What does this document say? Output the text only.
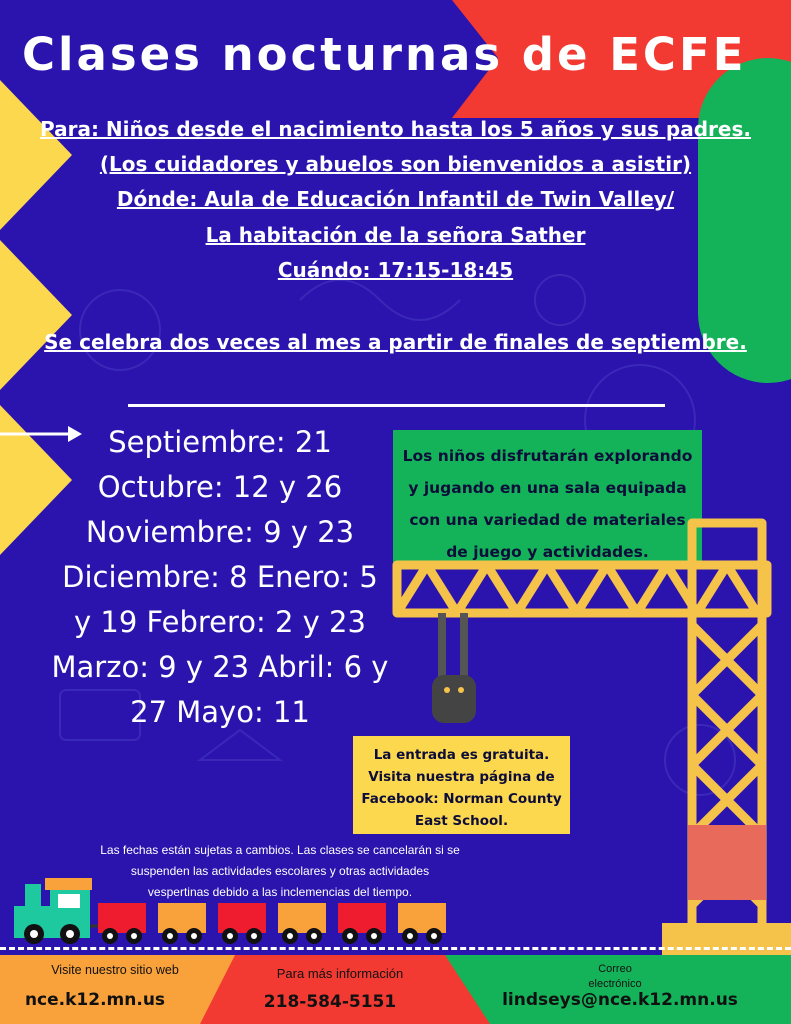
Clases nocturnas de ECFE
Para: Niños desde el nacimiento hasta los 5 años y sus padres.
(Los cuidadores y abuelos son bienvenidos a asistir)
Dónde: Aula de Educación Infantil de Twin Valley/
La habitación de la señora Sather
Cuándo: 17:15-18:45
Se celebra dos veces al mes a partir de finales de septiembre.
Septiembre: 21
Octubre: 12 y 26
Noviembre: 9 y 23
Diciembre: 8 Enero: 5
y 19 Febrero: 2 y 23
Marzo: 9 y 23 Abril: 6 y
27 Mayo: 11

Los niños disfrutarán explorando y jugando en una sala equipada con una variedad de materiales de juego y actividades.

La entrada es gratuita. Visita nuestra página de Facebook: Norman County East School.

Las fechas están sujetas a cambios. Las clases se cancelarán si se suspenden las actividades escolares y otras actividades vespertinas debido a las inclemencias del tiempo.
Visite nuestro sitio web
nce.k12.mn.us
Para más información
218-584-5151
Correo
electrónico
lindseys@nce.k12.mn.us
